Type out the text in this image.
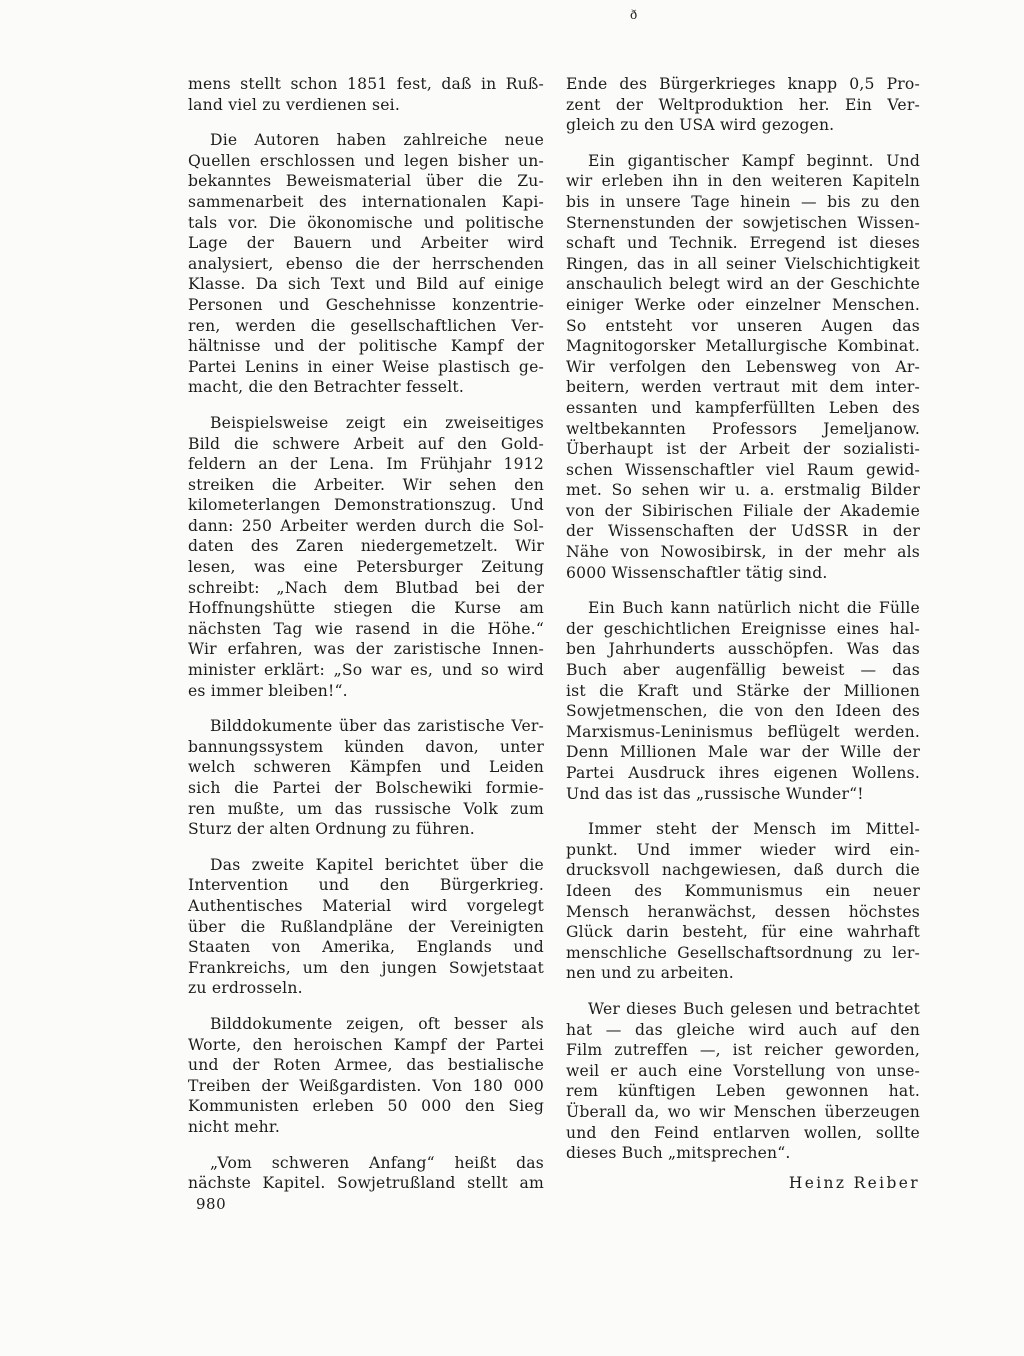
ð
mens stellt schon 1851 fest, daß in Ruß-
land viel zu verdienen sei.
Die Autoren haben zahlreiche neue
Quellen erschlossen und legen bisher un-
bekanntes Beweismaterial über die Zu-
sammenarbeit des internationalen Kapi-
tals vor. Die ökonomische und politische
Lage der Bauern und Arbeiter wird
analysiert, ebenso die der herrschenden
Klasse. Da sich Text und Bild auf einige
Personen und Geschehnisse konzentrie-
ren, werden die gesellschaftlichen Ver-
hältnisse und der politische Kampf der
Partei Lenins in einer Weise plastisch ge-
macht, die den Betrachter fesselt.
Beispielsweise zeigt ein zweiseitiges
Bild die schwere Arbeit auf den Gold-
feldern an der Lena. Im Frühjahr 1912
streiken die Arbeiter. Wir sehen den
kilometerlangen Demonstrationszug. Und
dann: 250 Arbeiter werden durch die Sol-
daten des Zaren niedergemetzelt. Wir
lesen, was eine Petersburger Zeitung
schreibt: „Nach dem Blutbad bei der
Hoffnungshütte stiegen die Kurse am
nächsten Tag wie rasend in die Höhe.“
Wir erfahren, was der zaristische Innen-
minister erklärt: „So war es, und so wird
es immer bleiben!“.
Bilddokumente über das zaristische Ver-
bannungssystem künden davon, unter
welch schweren Kämpfen und Leiden
sich die Partei der Bolschewiki formie-
ren mußte, um das russische Volk zum
Sturz der alten Ordnung zu führen.
Das zweite Kapitel berichtet über die
Intervention und den Bürgerkrieg.
Authentisches Material wird vorgelegt
über die Rußlandpläne der Vereinigten
Staaten von Amerika, Englands und
Frankreichs, um den jungen Sowjetstaat
zu erdrosseln.
Bilddokumente zeigen, oft besser als
Worte, den heroischen Kampf der Partei
und der Roten Armee, das bestialische
Treiben der Weißgardisten. Von 180 000
Kommunisten erleben 50 000 den Sieg
nicht mehr.
„Vom schweren Anfang“ heißt das
nächste Kapitel. Sowjetrußland stellt am
Ende des Bürgerkrieges knapp 0,5 Pro-
zent der Weltproduktion her. Ein Ver-
gleich zu den USA wird gezogen.
Ein gigantischer Kampf beginnt. Und
wir erleben ihn in den weiteren Kapiteln
bis in unsere Tage hinein — bis zu den
Sternenstunden der sowjetischen Wissen-
schaft und Technik. Erregend ist dieses
Ringen, das in all seiner Vielschichtigkeit
anschaulich belegt wird an der Geschichte
einiger Werke oder einzelner Menschen.
So entsteht vor unseren Augen das
Magnitogorsker Metallurgische Kombinat.
Wir verfolgen den Lebensweg von Ar-
beitern, werden vertraut mit dem inter-
essanten und kampferfüllten Leben des
weltbekannten Professors Jemeljanow.
Überhaupt ist der Arbeit der sozialisti-
schen Wissenschaftler viel Raum gewid-
met. So sehen wir u. a. erstmalig Bilder
von der Sibirischen Filiale der Akademie
der Wissenschaften der UdSSR in der
Nähe von Nowosibirsk, in der mehr als
6000 Wissenschaftler tätig sind.
Ein Buch kann natürlich nicht die Fülle
der geschichtlichen Ereignisse eines hal-
ben Jahrhunderts ausschöpfen. Was das
Buch aber augenfällig beweist — das
ist die Kraft und Stärke der Millionen
Sowjetmenschen, die von den Ideen des
Marxismus-Leninismus beflügelt werden.
Denn Millionen Male war der Wille der
Partei Ausdruck ihres eigenen Wollens.
Und das ist das „russische Wunder“!
Immer steht der Mensch im Mittel-
punkt. Und immer wieder wird ein-
drucksvoll nachgewiesen, daß durch die
Ideen des Kommunismus ein neuer
Mensch heranwächst, dessen höchstes
Glück darin besteht, für eine wahrhaft
menschliche Gesellschaftsordnung zu ler-
nen und zu arbeiten.
Wer dieses Buch gelesen und betrachtet
hat — das gleiche wird auch auf den
Film zutreffen —, ist reicher geworden,
weil er auch eine Vorstellung von unse-
rem künftigen Leben gewonnen hat.
Überall da, wo wir Menschen überzeugen
und den Feind entlarven wollen, sollte
dieses Buch „mitsprechen“.
Heinz Reiber
980
